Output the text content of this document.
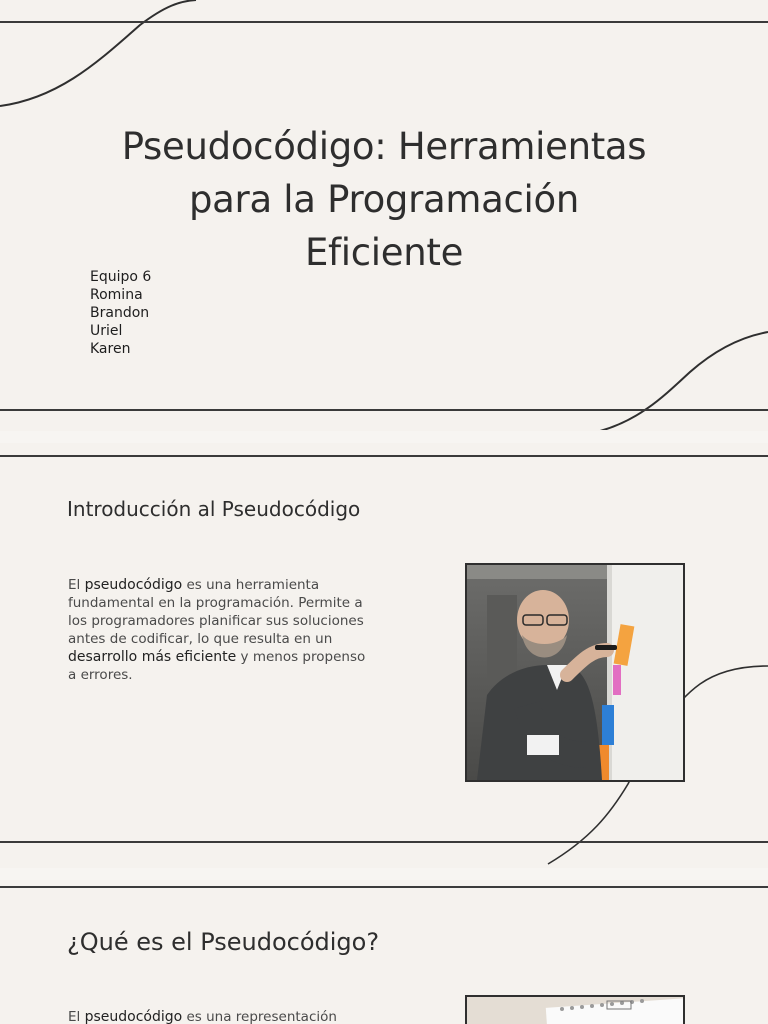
Pseudocódigo: Herramientas
para la Programación
Eficiente
Equipo 6
Romina
Brandon
Uriel
Karen
Introducción al Pseudocódigo
El pseudocódigo es una herramienta fundamental en la programación. Permite a los programadores planificar sus soluciones antes de codificar, lo que resulta en un desarrollo más eficiente y menos propenso a errores.
¿Qué es el Pseudocódigo?
El pseudocódigo es una representación
